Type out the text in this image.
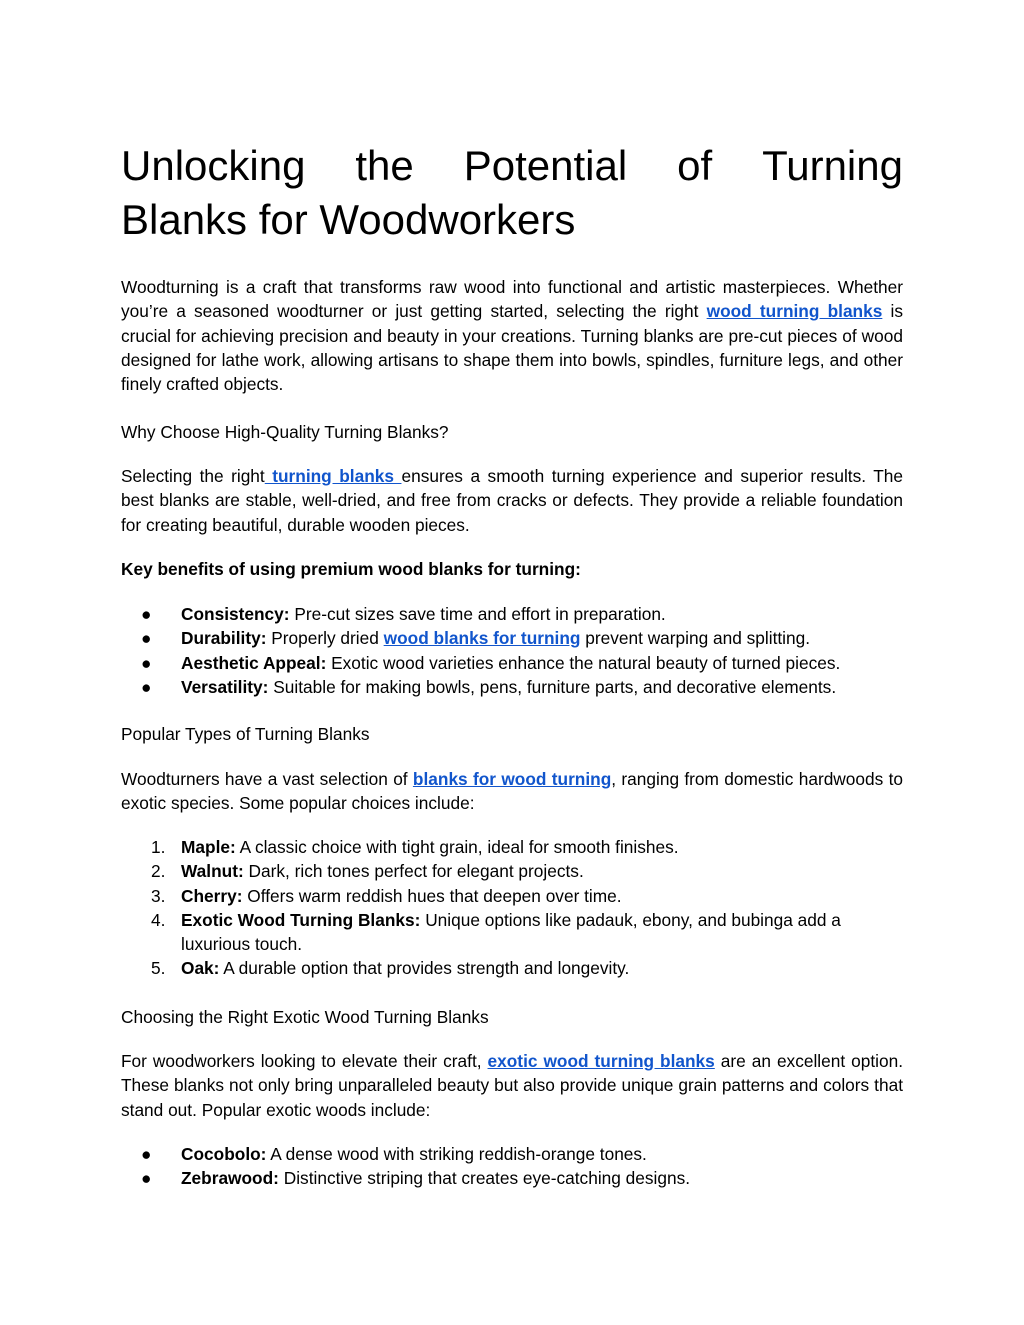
Unlocking the Potential of Turning
Blanks for Woodworkers

Woodturning is a craft that transforms raw wood into functional and artistic masterpieces. Whether you’re a seasoned woodturner or just getting started, selecting the right wood turning blanks is crucial for achieving precision and beauty in your creations. Turning blanks are pre-cut pieces of wood designed for lathe work, allowing artisans to shape them into bowls, spindles, furniture legs, and other finely crafted objects.

Why Choose High-Quality Turning Blanks?

Selecting the right turning blanks ensures a smooth turning experience and superior results. The best blanks are stable, well-dried, and free from cracks or defects. They provide a reliable foundation for creating beautiful, durable wooden pieces.

Key benefits of using premium wood blanks for turning:

● Consistency: Pre-cut sizes save time and effort in preparation.
● Durability: Properly dried wood blanks for turning prevent warping and splitting.
● Aesthetic Appeal: Exotic wood varieties enhance the natural beauty of turned pieces.
● Versatility: Suitable for making bowls, pens, furniture parts, and decorative elements.

Popular Types of Turning Blanks

Woodturners have a vast selection of blanks for wood turning, ranging from domestic hardwoods to exotic species. Some popular choices include:

1. Maple: A classic choice with tight grain, ideal for smooth finishes.
2. Walnut: Dark, rich tones perfect for elegant projects.
3. Cherry: Offers warm reddish hues that deepen over time.
4. Exotic Wood Turning Blanks: Unique options like padauk, ebony, and bubinga add a luxurious touch.
5. Oak: A durable option that provides strength and longevity.

Choosing the Right Exotic Wood Turning Blanks

For woodworkers looking to elevate their craft, exotic wood turning blanks are an excellent option. These blanks not only bring unparalleled beauty but also provide unique grain patterns and colors that stand out. Popular exotic woods include:

● Cocobolo: A dense wood with striking reddish-orange tones.
● Zebrawood: Distinctive striping that creates eye-catching designs.
